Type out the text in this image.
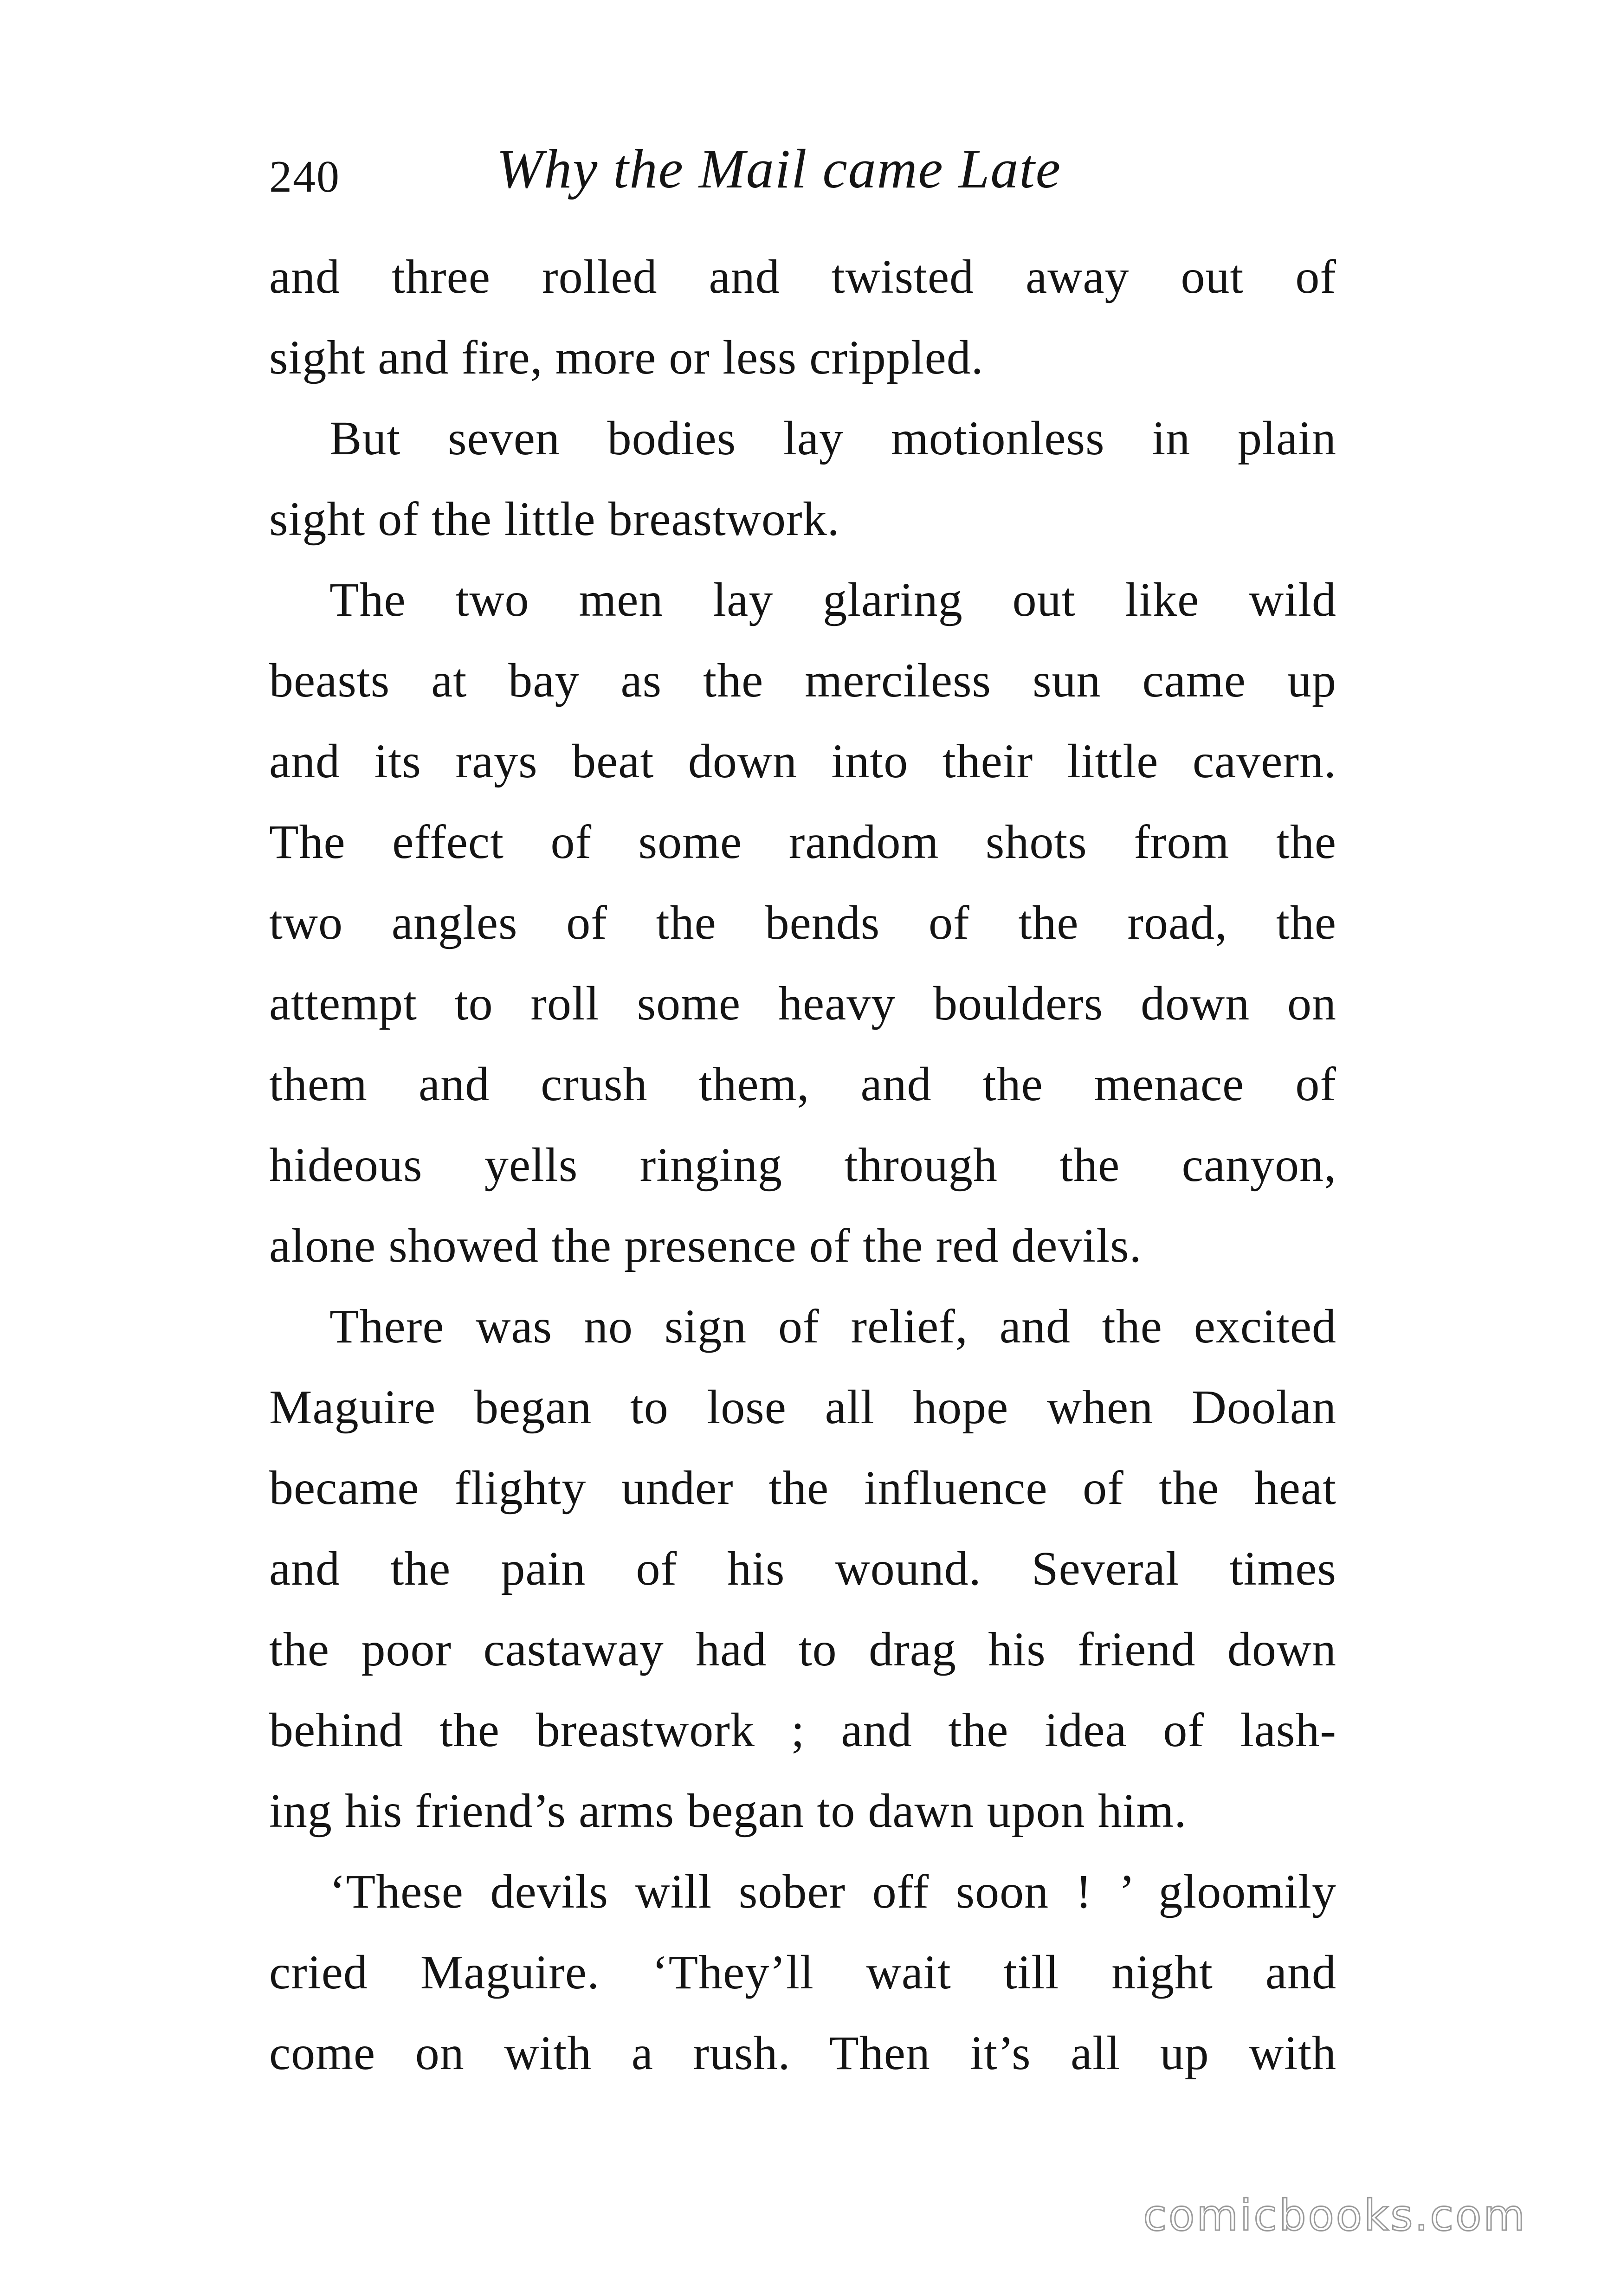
240	Why the Mail came Late
and three rolled and twisted away out of
sight and fire, more or less crippled.
But seven bodies lay motionless in plain
sight of the little breastwork.
The two men lay glaring out like wild
beasts at bay as the merciless sun came up
and its rays beat down into their little cavern.
The effect of some random shots from the
two angles of the bends of the road, the
attempt to roll some heavy boulders down on
them and crush them, and the menace of
hideous yells ringing through the canyon,
alone showed the presence of the red devils.
There was no sign of relief, and the excited
Maguire began to lose all hope when Doolan
became flighty under the influence of the heat
and the pain of his wound. Several times
the poor castaway had to drag his friend down
behind the breastwork ; and the idea of lash-
ing his friend’s arms began to dawn upon him.
‘These devils will sober off soon ! ’ gloomily
cried Maguire. ‘They’ll wait till night and
come on with a rush. Then it’s all up with
comicbooks.com
